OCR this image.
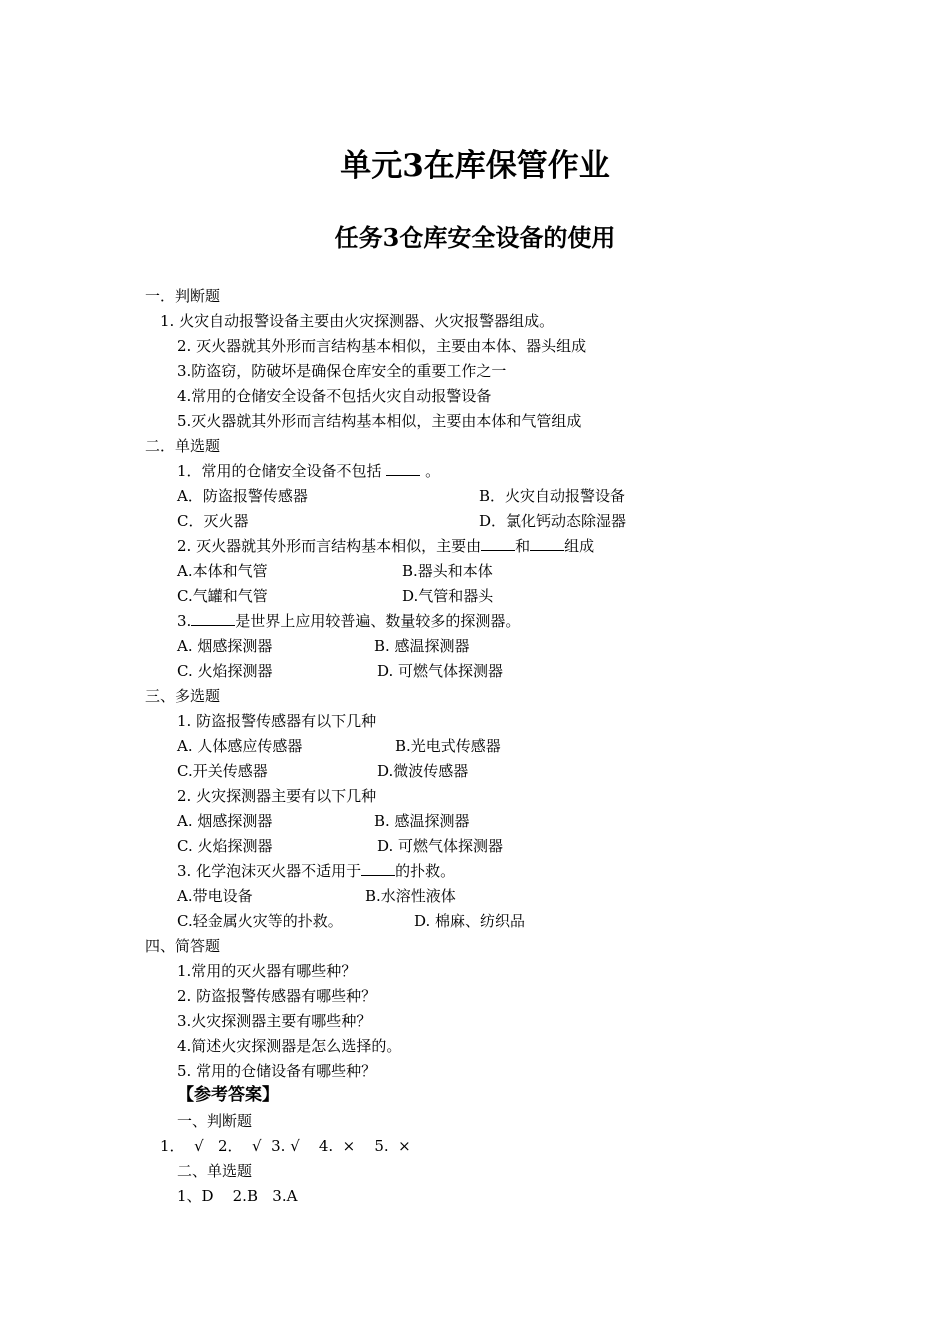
单元3在库保管作业
任务3仓库安全设备的使用
一．判断题
1. 火灾自动报警设备主要由火灾探测器、火灾报警器组成。
2. 灭火器就其外形而言结构基本相似，主要由本体、器头组成
3.防盗窃，防破坏是确保仓库安全的重要工作之一
4.常用的仓储安全设备不包括火灾自动报警设备
5.灭火器就其外形而言结构基本相似，主要由本体和气管组成
二．单选题
1．常用的仓储安全设备不包括	。
A．防盗报警传感器	B．火灾自动报警设备
C．灭火器	D．氯化钙动态除湿器
2. 灭火器就其外形而言结构基本相似，主要由 和 组成
A.本体和气管	B.器头和本体
C.气罐和气管	D.气管和器头
3.	是世界上应用较普遍、数量较多的探测器。
A. 烟感探测器	B. 感温探测器
C. 火焰探测器	D. 可燃气体探测器
三、多选题
1. 防盗报警传感器有以下几种
A. 人体感应传感器	B.光电式传感器
C.开关传感器	D.微波传感器
2. 火灾探测器主要有以下几种
A. 烟感探测器	B. 感温探测器
C. 火焰探测器	D. 可燃气体探测器
3. 化学泡沫灭火器不适用于 的扑救。
A.带电设备	B.水溶性液体
C.轻金属火灾等的扑救。	D. 棉麻、纺织品
四、简答题
1.常用的灭火器有哪些种？
2. 防盗报警传感器有哪些种？
3.火灾探测器主要有哪些种？
4.简述火灾探测器是怎么选择的。
5. 常用的仓储设备有哪些种？
【参考答案】
一、判断题
1．  √   2．  √  3. √    4.  ×    5.  ×
二、单选题
1、D    2.B   3.A
